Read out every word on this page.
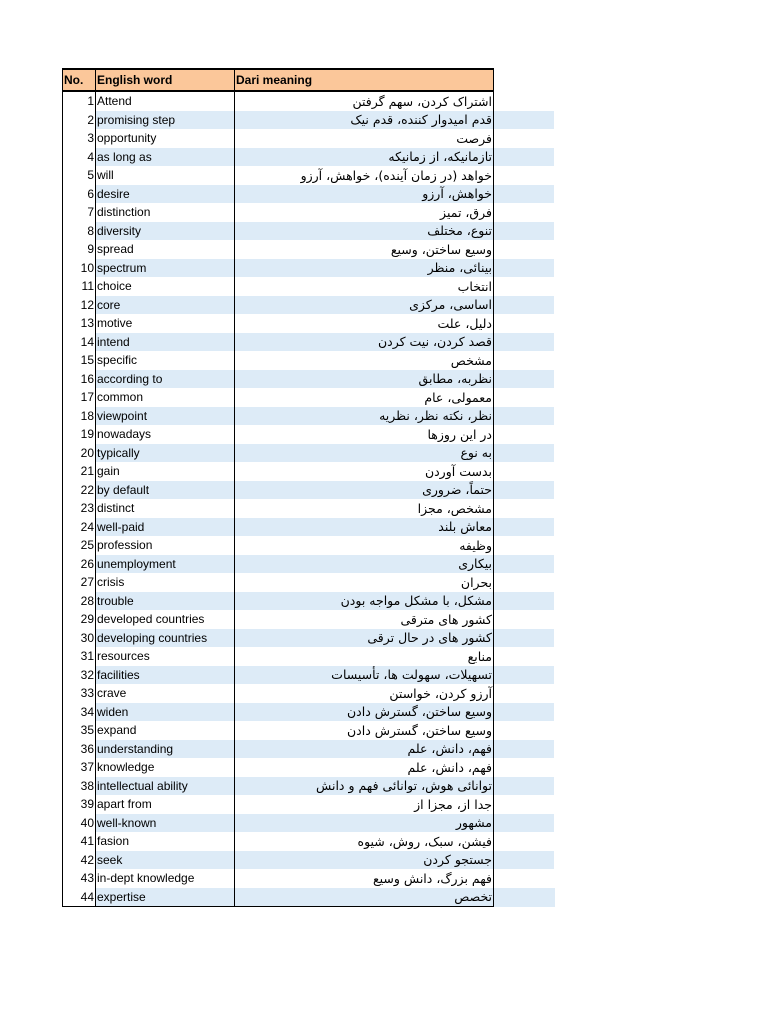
No.	English word	Dari meaning	
1	Attend	اشتراک کردن، سهم گرفتن	
2	promising step	قدم امیدوار کننده، قدم نیک	
3	opportunity	فرصت	
4	as long as	تازمانیکه، از زمانیکه	
5	will	خواهد (در زمان آینده)، خواهش، آرزو	
6	desire	خواهش، آرزو	
7	distinction	فرق، تمیز	
8	diversity	تنوع، مختلف	
9	spread	وسیع ساختن، وسیع	
10	spectrum	بینائی، منظر	
11	choice	انتخاب	
12	core	اساسی، مرکزی	
13	motive	دلیل، علت	
14	intend	قصد کردن، نیت کردن	
15	specific	مشخص	
16	according to	نظربه، مطابق	
17	common	معمولی، عام	
18	viewpoint	نظر، نکته نظر، نظریه	
19	nowadays	در این روزها	
20	typically	به نوع	
21	gain	بدست آوردن	
22	by default	حتماً، ضروری	
23	distinct	مشخص، مجزا	
24	well-paid	معاش بلند	
25	profession	وظیفه	
26	unemployment	بیکاری	
27	crisis	بحران	
28	trouble	مشکل، با مشکل مواجه بودن	
29	developed countries	کشور های مترقی	
30	developing countries	کشور های در حال ترقی	
31	resources	منابع	
32	facilities	تسهیلات، سهولت ها، تأسیسات	
33	crave	آرزو کردن، خواستن	
34	widen	وسیع ساختن، گسترش دادن	
35	expand	وسیع ساختن، گسترش دادن	
36	understanding	فهم، دانش، علم	
37	knowledge	فهم، دانش، علم	
38	intellectual ability	توانائی هوش، توانائی فهم و دانش	
39	apart from	جدا از، مجزا از	
40	well-known	مشهور	
41	fasion	فیشن، سبک، روش، شیوه	
42	seek	جستجو کردن	
43	in-dept knowledge	فهم بزرگ، دانش وسیع	
44	expertise	تخصص	
